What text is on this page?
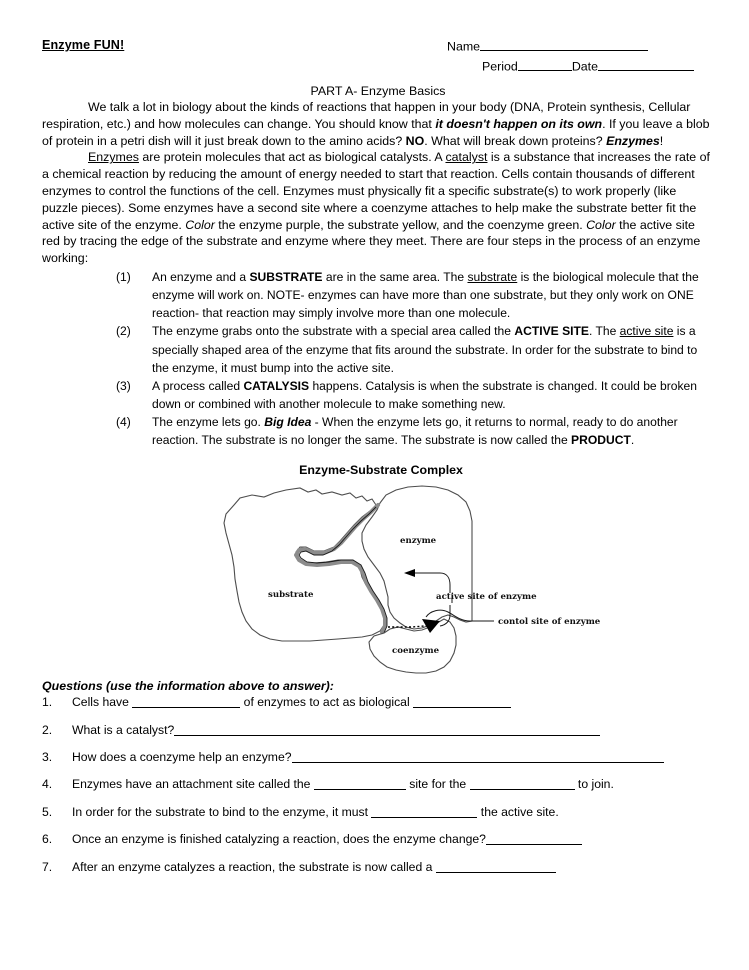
Enzyme FUN!	Name
Period	Date
PART A- Enzyme Basics

We talk a lot in biology about the kinds of reactions that happen in your body (DNA, Protein synthesis, Cellular respiration, etc.) and how molecules can change. You should know that it doesn't happen on its own. If you leave a blob of protein in a petri dish will it just break down to the amino acids? NO. What will break down proteins? Enzymes!

Enzymes are protein molecules that act as biological catalysts. A catalyst is a substance that increases the rate of a chemical reaction by reducing the amount of energy needed to start that reaction. Cells contain thousands of different enzymes to control the functions of the cell. Enzymes must physically fit a specific substrate(s) to work properly (like puzzle pieces). Some enzymes have a second site where a coenzyme attaches to help make the substrate better fit the active site of the enzyme. Color the enzyme purple, the substrate yellow, and the coenzyme green. Color the active site red by tracing the edge of the substrate and enzyme where they meet. There are four steps in the process of an enzyme working:

(1)	An enzyme and a SUBSTRATE are in the same area. The substrate is the biological molecule that the enzyme will work on. NOTE- enzymes can have more than one substrate, but they only work on ONE reaction- that reaction may simply involve more than one molecule.
(2)	The enzyme grabs onto the substrate with a special area called the ACTIVE SITE. The active site is a specially shaped area of the enzyme that fits around the substrate. In order for the substrate to bind to the enzyme, it must bump into the active site.
(3)	A process called CATALYSIS happens. Catalysis is when the substrate is changed. It could be broken down or combined with another molecule to make something new.
(4)	The enzyme lets go. Big Idea - When the enzyme lets go, it returns to normal, ready to do another reaction. The substrate is no longer the same. The substrate is now called the PRODUCT.
Enzyme-Substrate Complex
substrate
enzyme
coenzyme
active site of enzyme
contol site of enzyme
Questions (use the information above to answer):
1.	Cells have	of enzymes to act as biological
2.	What is a catalyst?
3.	How does a coenzyme help an enzyme?
4.	Enzymes have an attachment site called the	site for the	to join.
5.	In order for the substrate to bind to the enzyme, it must	the active site.
6.	Once an enzyme is finished catalyzing a reaction, does the enzyme change?
7.	After an enzyme catalyzes a reaction, the substrate is now called a
